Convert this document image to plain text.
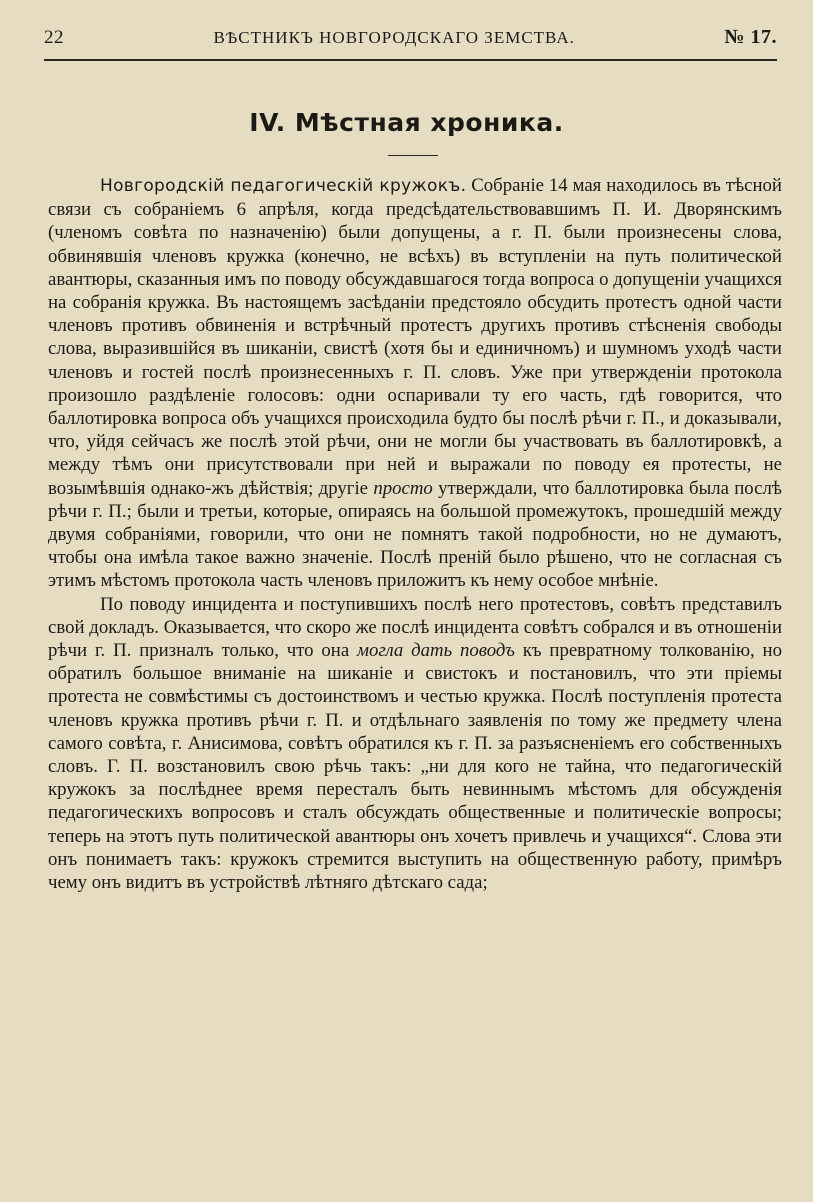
22	ВѢСТНИКЪ НОВГОРОДСКАГО ЗЕМСТВА.	№ 17.
IV. Мѣстная хроника.

Новгородскій педагогическій кружокъ. Собраніе 14 мая находилось въ тѣсной связи съ собраніемъ 6 апрѣля, когда предсѣдательствовавшимъ П. И. Дворянскимъ (членомъ совѣта по назначенію) были допущены, а г. П. были произнесены слова, обвинявшія членовъ кружка (конечно, не всѣхъ) въ вступленіи на путь политической авантюры, сказанныя имъ по поводу обсуждавшагося тогда вопроса о допущеніи учащихся на собранія кружка. Въ настоящемъ засѣданіи предстояло обсудить протестъ одной части членовъ противъ обвиненія и встрѣчный протестъ другихъ противъ стѣсненія свободы слова, выразившійся въ шиканіи, свистѣ (хотя бы и единичномъ) и шумномъ уходѣ части членовъ и гостей послѣ произнесенныхъ г. П. словъ. Уже при утвержденіи протокола произошло раздѣленіе голосовъ: одни оспаривали ту его часть, гдѣ говорится, что баллотировка вопроса объ учащихся происходила будто бы послѣ рѣчи г. П., и доказывали, что, уйдя сейчасъ же послѣ этой рѣчи, они не могли бы участвовать въ баллотировкѣ, а между тѣмъ они присутствовали при ней и выражали по поводу ея протесты, не возымѣвшія однако-жъ дѣйствія; другіе просто утверждали, что баллотировка была послѣ рѣчи г. П.; были и третьи, которые, опираясь на большой промежутокъ, прошедшій между двумя собраніями, говорили, что они не помнятъ такой подробности, но не думаютъ, чтобы она имѣла такое важно значеніе. Послѣ преній было рѣшено, что не согласная съ этимъ мѣстомъ протокола часть членовъ приложитъ къ нему особое мнѣніе.

По поводу инцидента и поступившихъ послѣ него протестовъ, совѣтъ представилъ свой докладъ. Оказывается, что скоро же послѣ инцидента совѣтъ собрался и въ отношеніи рѣчи г. П. призналъ только, что она могла дать поводъ къ превратному толкованію, но обратилъ большое вниманіе на шиканіе и свистокъ и постановилъ, что эти пріемы протеста не совмѣстимы съ достоинствомъ и честью кружка. Послѣ поступленія протеста членовъ кружка противъ рѣчи г. П. и отдѣльнаго заявленія по тому же предмету члена самого совѣта, г. Анисимова, совѣтъ обратился къ г. П. за разъясненіемъ его собственныхъ словъ. Г. П. возстановилъ свою рѣчь такъ: „ни для кого не тайна, что педагогическій кружокъ за послѣднее время пересталъ быть невиннымъ мѣстомъ для обсужденія педагогическихъ вопросовъ и сталъ обсуждать общественные и политическіе вопросы; теперь на этотъ путь политической авантюры онъ хочетъ привлечь и учащихся“. Слова эти онъ понимаетъ такъ: кружокъ стремится выступить на общественную работу, примѣръ чему онъ видитъ въ устройствѣ лѣтняго дѣтскаго сада;
